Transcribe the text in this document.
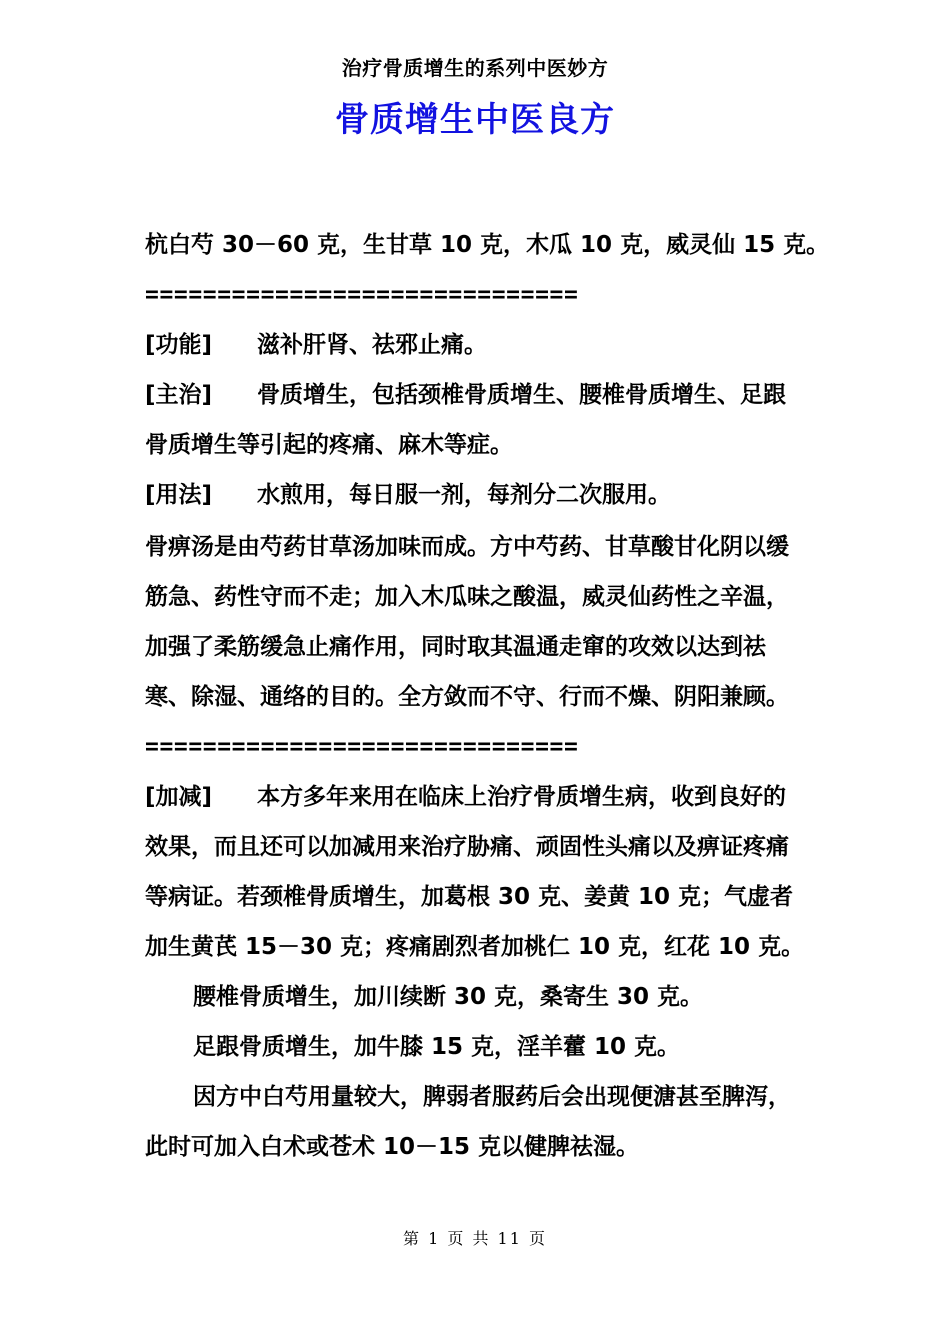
治疗骨质增生的系列中医妙方
骨质增生中医良方
杭白芍 30－60 克，生甘草 10 克，木瓜 10 克，威灵仙 15 克。
==============================
[功能] 滋补肝肾、祛邪止痛。
[主治] 骨质增生，包括颈椎骨质增生、腰椎骨质增生、足跟
骨质增生等引起的疼痛、麻木等症。
[用法] 水煎用，每日服一剂，每剂分二次服用。
骨痹汤是由芍药甘草汤加味而成。方中芍药、甘草酸甘化阴以缓
筋急、药性守而不走；加入木瓜味之酸温，威灵仙药性之辛温，
加强了柔筋缓急止痛作用，同时取其温通走窜的攻效以达到祛
寒、除湿、通络的目的。全方敛而不守、行而不燥、阴阳兼顾。
==============================
[加减] 本方多年来用在临床上治疗骨质增生病，收到良好的
效果，而且还可以加减用来治疗胁痛、顽固性头痛以及痹证疼痛
等病证。若颈椎骨质增生，加葛根 30 克、姜黄 10 克；气虚者
加生黄芪 15－30 克；疼痛剧烈者加桃仁 10 克，红花 10 克。
腰椎骨质增生，加川续断 30 克，桑寄生 30 克。
足跟骨质增生，加牛膝 15 克，淫羊藿 10 克。
因方中白芍用量较大，脾弱者服药后会出现便溏甚至脾泻，
此时可加入白术或苍术 10－15 克以健脾祛湿。
第 1 页 共 11 页
